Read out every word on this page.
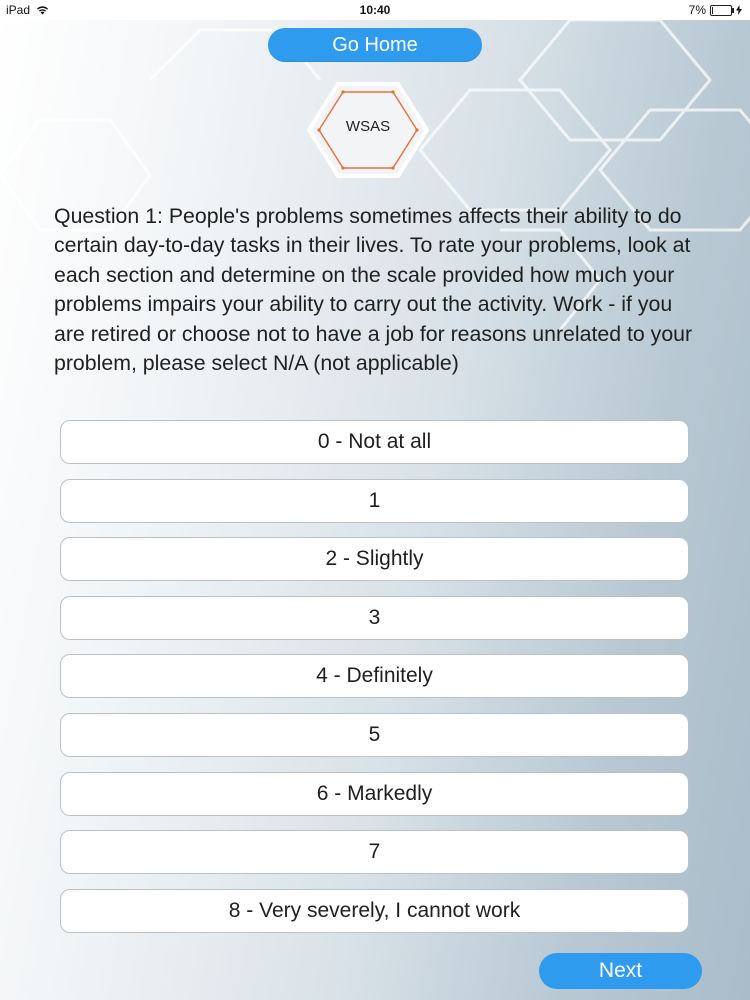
iPad	10:40	7%
Go Home
WSAS
Question 1: People's problems sometimes affects their ability to do certain day-to-day tasks in their lives. To rate your problems, look at each section and determine on the scale provided how much your problems impairs your ability to carry out the activity. Work - if you are retired or choose not to have a job for reasons unrelated to your problem, please select N/A (not applicable)
0 - Not at all
1
2 - Slightly
3
4 - Definitely
5
6 - Markedly
7
8 - Very severely, I cannot work
Next
